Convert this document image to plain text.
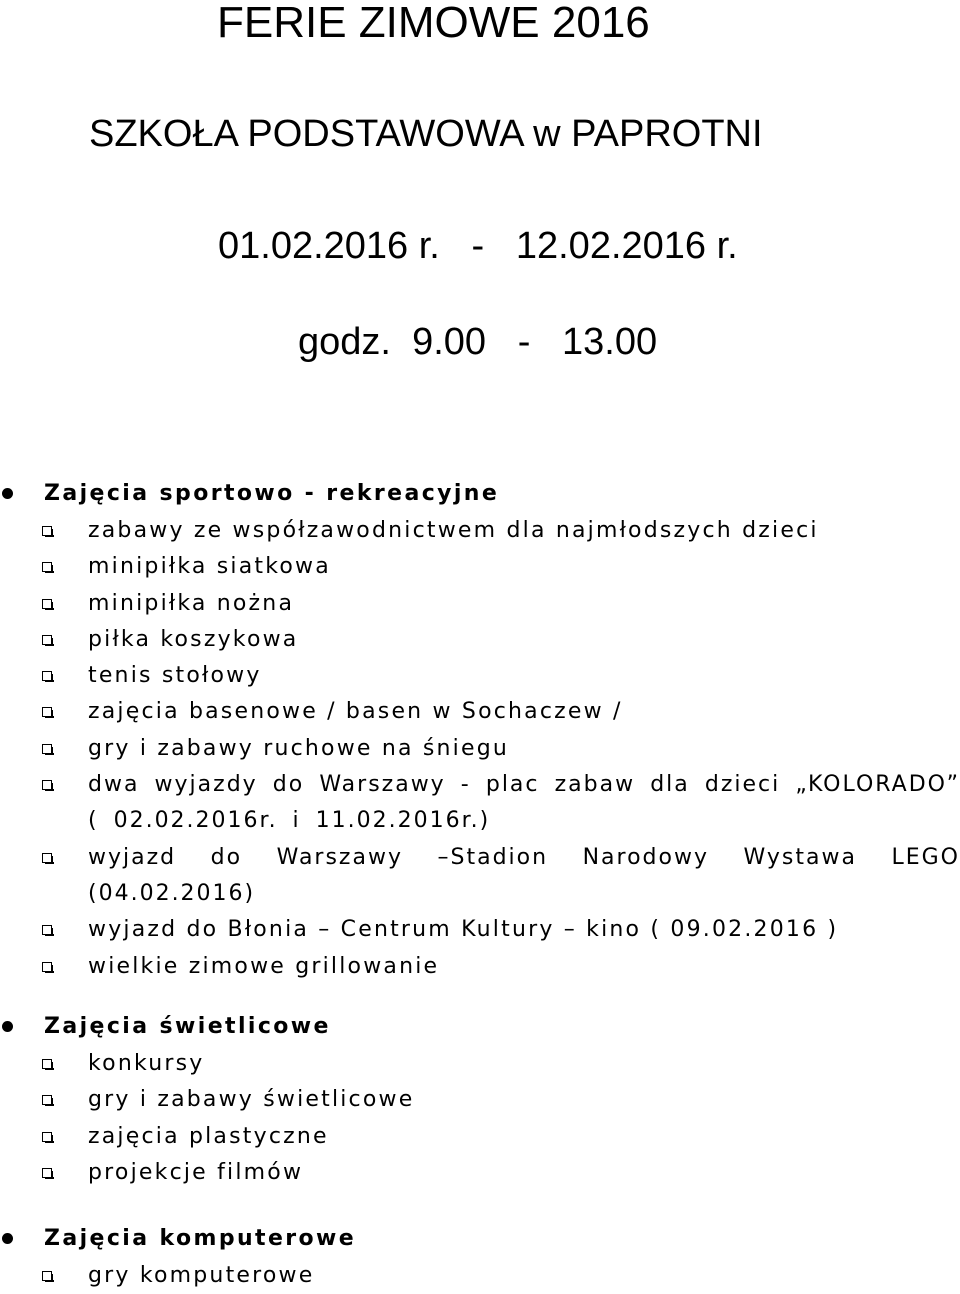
FERIE ZIMOWE 2016
SZKOŁA PODSTAWOWA w PAPROTNI
01.02.2016 r.   -   12.02.2016 r.
godz.  9.00   -   13.00
Zajęcia sportowo - rekreacyjne
zabawy ze współzawodnictwem dla najmłodszych dzieci
minipiłka siatkowa
minipiłka nożna
piłka koszykowa
tenis stołowy
zajęcia basenowe / basen w Sochaczew /
gry i zabawy ruchowe na śniegu
dwa wyjazdy do Warszawy - plac zabaw dla dzieci „KOLORADO” ( 02.02.2016r. i 11.02.2016r.)
wyjazd do Warszawy –Stadion Narodowy Wystawa LEGO (04.02.2016)
wyjazd do Błonia – Centrum Kultury – kino ( 09.02.2016 )
wielkie zimowe grillowanie
Zajęcia świetlicowe
konkursy
gry i zabawy świetlicowe
zajęcia plastyczne
projekcje filmów
Zajęcia komputerowe
gry komputerowe
